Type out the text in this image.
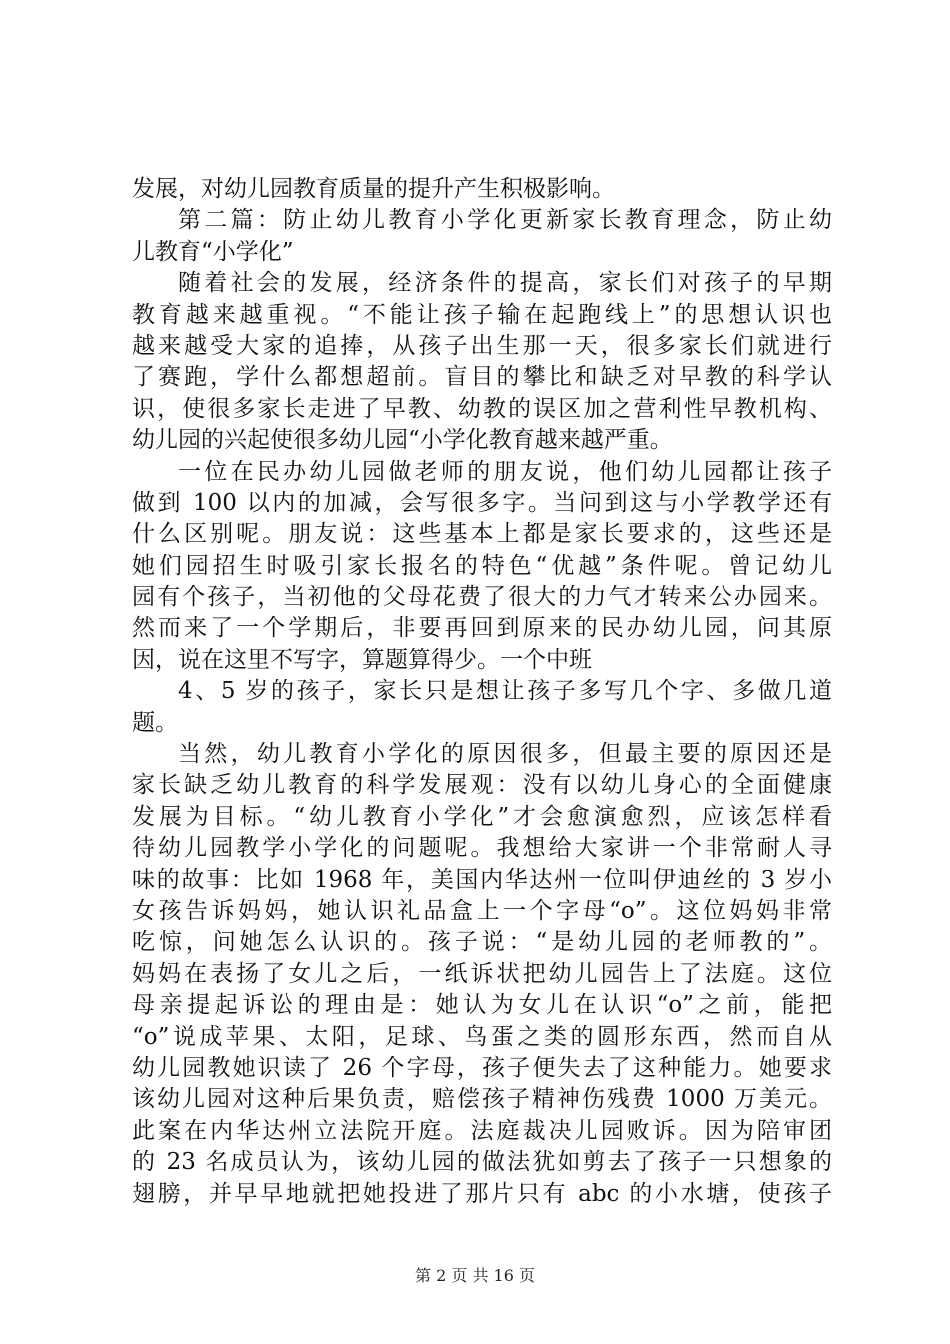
发展，对幼儿园教育质量的提升产生积极影响。
第二篇：防止幼儿教育小学化更新家长教育理念，防止幼
儿教育“小学化”
随着社会的发展，经济条件的提高，家长们对孩子的早期
教育越来越重视。“不能让孩子输在起跑线上”的思想认识也
越来越受大家的追捧，从孩子出生那一天，很多家长们就进行
了赛跑，学什么都想超前。盲目的攀比和缺乏对早教的科学认
识，使很多家长走进了早教、幼教的误区加之营利性早教机构、
幼儿园的兴起使很多幼儿园“小学化教育越来越严重。
一位在民办幼儿园做老师的朋友说，他们幼儿园都让孩子
做到 100 以内的加减，会写很多字。当问到这与小学教学还有
什么区别呢。朋友说：这些基本上都是家长要求的，这些还是
她们园招生时吸引家长报名的特色“优越”条件呢。曾记幼儿
园有个孩子，当初他的父母花费了很大的力气才转来公办园来。
然而来了一个学期后，非要再回到原来的民办幼儿园，问其原
因，说在这里不写字，算题算得少。一个中班
4、5 岁的孩子，家长只是想让孩子多写几个字、多做几道
题。
当然，幼儿教育小学化的原因很多，但最主要的原因还是
家长缺乏幼儿教育的科学发展观：没有以幼儿身心的全面健康
发展为目标。“幼儿教育小学化”才会愈演愈烈，应该怎样看
待幼儿园教学小学化的问题呢。我想给大家讲一个非常耐人寻
味的故事：比如 1968 年，美国内华达州一位叫伊迪丝的 3 岁小
女孩告诉妈妈，她认识礼品盒上一个字母“o”。这位妈妈非常
吃惊，问她怎么认识的。孩子说：“是幼儿园的老师教的”。
妈妈在表扬了女儿之后，一纸诉状把幼儿园告上了法庭。这位
母亲提起诉讼的理由是：她认为女儿在认识“o”之前，能把
“o”说成苹果、太阳，足球、鸟蛋之类的圆形东西，然而自从
幼儿园教她识读了 26 个字母，孩子便失去了这种能力。她要求
该幼儿园对这种后果负责，赔偿孩子精神伤残费 1000 万美元。
此案在内华达州立法院开庭。法庭裁决儿园败诉。因为陪审团
的 23 名成员认为，该幼儿园的做法犹如剪去了孩子一只想象的
翅膀，并早早地就把她投进了那片只有 abc 的小水塘，使孩子
第 2 页 共 16 页
